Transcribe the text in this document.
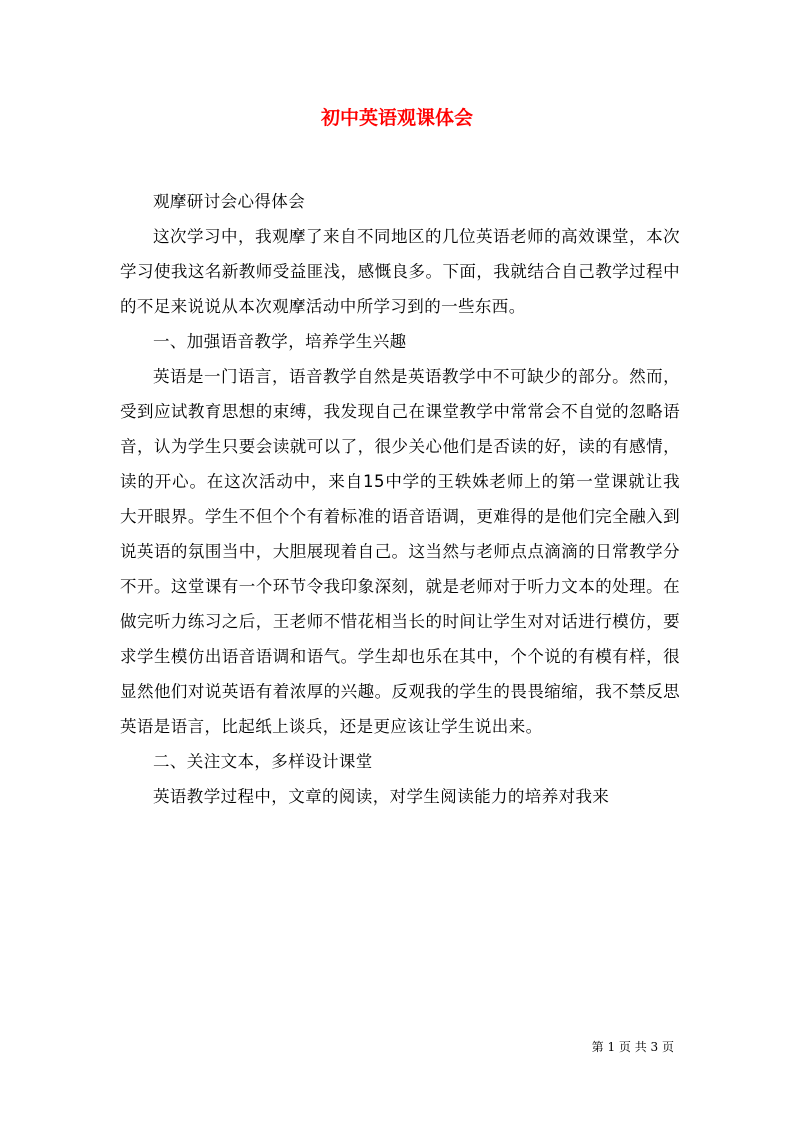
初中英语观课体会

观摩研讨会心得体会

这次学习中，我观摩了来自不同地区的几位英语老师的高效课堂，本次学习使我这名新教师受益匪浅，感慨良多。下面，我就结合自己教学过程中的不足来说说从本次观摩活动中所学习到的一些东西。

一、加强语音教学，培养学生兴趣

英语是一门语言，语音教学自然是英语教学中不可缺少的部分。然而，受到应试教育思想的束缚，我发现自己在课堂教学中常常会不自觉的忽略语音，认为学生只要会读就可以了，很少关心他们是否读的好，读的有感情，读的开心。在这次活动中，来自15中学的王轶姝老师上的第一堂课就让我大开眼界。学生不但个个有着标准的语音语调，更难得的是他们完全融入到说英语的氛围当中，大胆展现着自己。这当然与老师点点滴滴的日常教学分不开。这堂课有一个环节令我印象深刻，就是老师对于听力文本的处理。在做完听力练习之后，王老师不惜花相当长的时间让学生对对话进行模仿，要求学生模仿出语音语调和语气。学生却也乐在其中，个个说的有模有样，很显然他们对说英语有着浓厚的兴趣。反观我的学生的畏畏缩缩，我不禁反思英语是语言，比起纸上谈兵，还是更应该让学生说出来。

二、关注文本，多样设计课堂

英语教学过程中，文章的阅读，对学生阅读能力的培养对我来

第 1 页 共 3 页
